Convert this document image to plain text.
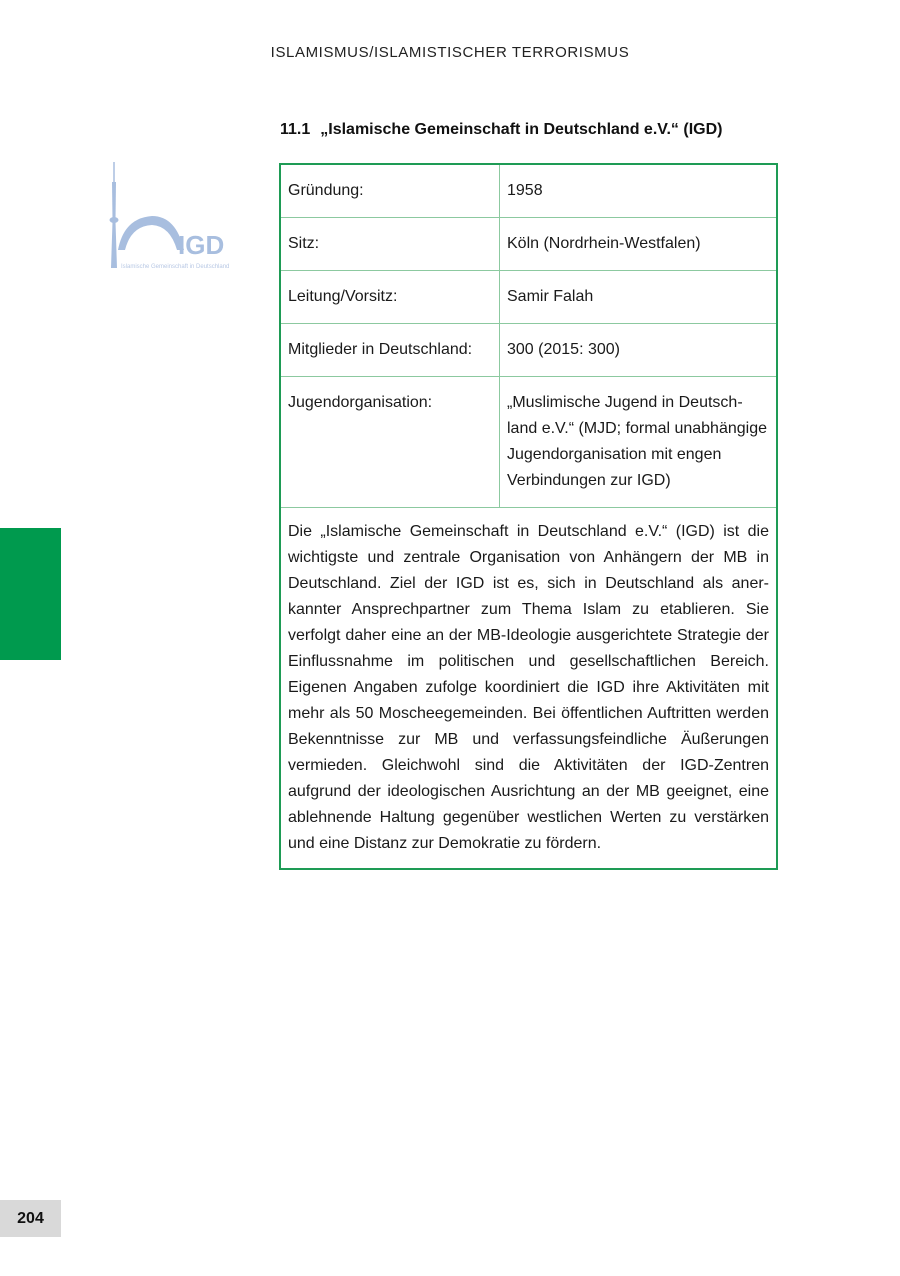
ISLAMISMUS/ISLAMISTISCHER TERRORISMUS
11.1 „Islamische Gemeinschaft in Deutschland e.V.“ (IGD)
IGD
Islamische Gemeinschaft in Deutschland
Gründung:	1958
Sitz:	Köln (Nordrhein-Westfalen)
Leitung/Vorsitz:	Samir Falah
Mitglieder in Deutschland:	300 (2015: 300)
Jugendorganisation:	„Muslimische Jugend in Deutsch-land e.V.“ (MJD; formal unabhängige Jugendorganisation mit engen Verbindungen zur IGD)
Die „Islamische Gemeinschaft in Deutschland e.V.“ (IGD) ist die wichtigste und zentrale Organisation von Anhängern der MB in Deutschland. Ziel der IGD ist es, sich in Deutschland als anerkannter Ansprechpartner zum Thema Islam zu etablieren. Sie verfolgt daher eine an der MB-Ideologie ausgerichtete Strategie der Einflussnahme im politischen und gesellschaftlichen Bereich. Eigenen Angaben zufolge koordiniert die IGD ihre Aktivitäten mit mehr als 50 Moscheegemeinden. Bei öffentlichen Auftritten werden Bekenntnisse zur MB und verfassungsfeindliche Äußerungen vermieden. Gleichwohl sind die Aktivitäten der IGD-Zentren aufgrund der ideologischen Ausrichtung an der MB geeignet, eine ablehnende Haltung gegenüber westlichen Werten zu verstärken und eine Distanz zur Demokratie zu fördern.
204
